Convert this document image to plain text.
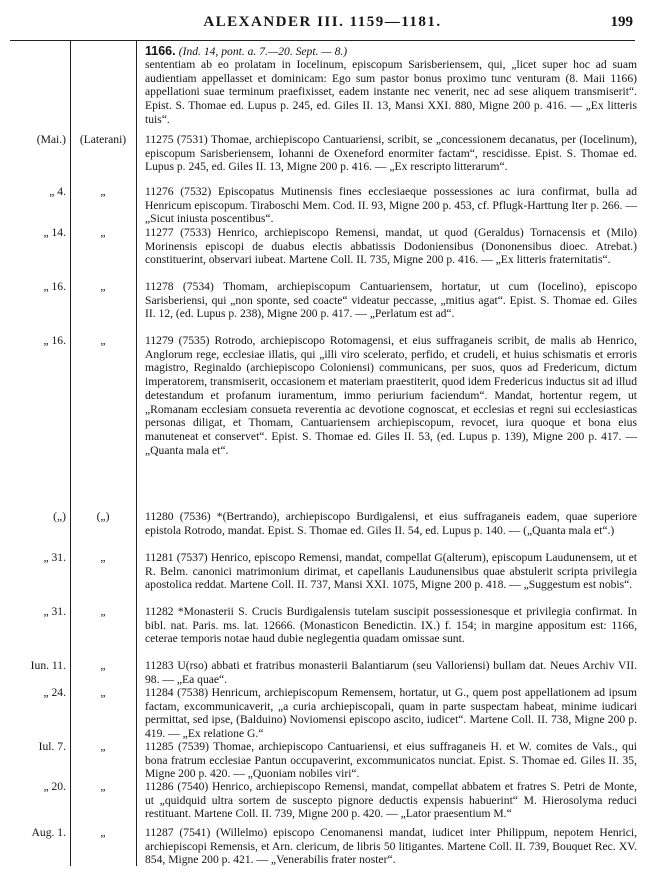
ALEXANDER III. 1159—1181.	199
1166. (Ind. 14, pont. a. 7.—20. Sept. — 8.)
sententiam ab eo prolatam in Iocelinum, episcopum Sarisberiensem, qui, „licet super hoc ad suam audientiam appellasset et dominicam: Ego sum pastor bonus proximo tunc venturam (8. Maii 1166) appellationi suae terminum praefixisset, eadem instante nec venerit, nec ad sese aliquem transmiserit“. Epist. S. Thomae ed. Lupus p. 245, ed. Giles II. 13, Mansi XXI. 880, Migne 200 p. 416. — „Ex litteris tuis“.
(Mai.)	(Laterani)	11275 (7531) Thomae, archiepiscopo Cantuariensi, scribit, se „concessionem decanatus, per (Iocelinum), episcopum Sarisberiensem, Iohanni de Oxeneford enormiter factam“, rescidisse. Epist. S. Thomae ed. Lupus p. 245, ed. Giles II. 13, Migne 200 p. 416. — „Ex rescripto litterarum“.
„ 4.	„	11276 (7532) Episcopatus Mutinensis fines ecclesiaeque possessiones ac iura confirmat, bulla ad Henricum episcopum. Tiraboschi Mem. Cod. II. 93, Migne 200 p. 453, cf. Pflugk-Harttung Iter p. 266. — „Sicut iniusta poscentibus“.
„ 14.	„	11277 (7533) Henrico, archiepiscopo Remensi, mandat, ut quod (Geraldus) Tornacensis et (Milo) Morinensis episcopi de duabus electis abbatissis Dodoniensibus (Dononensibus dioec. Atrebat.) constituerint, observari iubeat. Martene Coll. II. 735, Migne 200 p. 416. — „Ex litteris fraternitatis“.
„ 16.	„	11278 (7534) Thomam, archiepiscopum Cantuariensem, hortatur, ut cum (Iocelino), episcopo Sarisberiensi, qui „non sponte, sed coacte“ videatur peccasse, „mitius agat“. Epist. S. Thomae ed. Giles II. 12, (ed. Lupus p. 238), Migne 200 p. 417. — „Perlatum est ad“.
„ 16.	„	11279 (7535) Rotrodo, archiepiscopo Rotomagensi, et eius suffraganeis scribit, de malis ab Henrico, Anglorum rege, ecclesiae illatis, qui „illi viro scelerato, perfido, et crudeli, et huius schismatis et erroris magistro, Reginaldo (archiepiscopo Coloniensi) communicans, per suos, quos ad Fredericum, dictum imperatorem, transmiserit, occasionem et materiam praestiterit, quod idem Fredericus inductus sit ad illud detestandum et profanum iuramentum, immo periurium faciendum“. Mandat, hortentur regem, ut „Romanam ecclesiam consueta reverentia ac devotione cognoscat, et ecclesias et regni sui ecclesiasticas personas diligat, et Thomam, Cantuariensem archiepiscopum, revocet, iura quoque et bona eius manuteneat et conservet“. Epist. S. Thomae ed. Giles II. 53, (ed. Lupus p. 139), Migne 200 p. 417. — „Quanta mala et“.
(„)	(„)	11280 (7536) *(Bertrando), archiepiscopo Burdigalensi, et eius suffraganeis eadem, quae superiore epistola Rotrodo, mandat. Epist. S. Thomae ed. Giles II. 54, ed. Lupus p. 140. — („Quanta mala et“.)
„ 31.	„	11281 (7537) Henrico, episcopo Remensi, mandat, compellat G(alterum), episcopum Laudunensem, ut et R. Belm. canonici matrimonium dirimat, et capellanis Laudunensibus quae abstulerit scripta privilegia apostolica reddat. Martene Coll. II. 737, Mansi XXI. 1075, Migne 200 p. 418. — „Suggestum est nobis“.
„ 31.	„	11282 *Monasterii S. Crucis Burdigalensis tutelam suscipit possessionesque et privilegia confirmat. In bibl. nat. Paris. ms. lat. 12666. (Monasticon Benedictin. IX.) f. 154; in margine appositum est: 1166, ceterae temporis notae haud dubie neglegentia quadam omissae sunt.
Iun. 11.	„	11283 U(rso) abbati et fratribus monasterii Balantiarum (seu Valloriensi) bullam dat. Neues Archiv VII. 98. — „Ea quae“.
„ 24.	„	11284 (7538) Henricum, archiepiscopum Remensem, hortatur, ut G., quem post appellationem ad ipsum factam, excommunicaverit, „a curia archiepiscopali, quam in parte suspectam habeat, minime iudicari permittat, sed ipse, (Balduino) Noviomensi episcopo ascito, iudicet“. Martene Coll. II. 738, Migne 200 p. 419. — „Ex relatione G.“
Iul. 7.	„	11285 (7539) Thomae, archiepiscopo Cantuariensi, et eius suffraganeis H. et W. comites de Vals., qui bona fratrum ecclesiae Pantun occupaverint, excommunicatos nunciat. Epist. S. Thomae ed. Giles II. 35, Migne 200 p. 420. — „Quoniam nobiles viri“.
„ 20.	„	11286 (7540) Henrico, archiepiscopo Remensi, mandat, compellat abbatem et fratres S. Petri de Monte, ut „quidquid ultra sortem de suscepto pignore deductis expensis habuerint“ M. Hierosolyma reduci restituant. Martene Coll. II. 739, Migne 200 p. 420. — „Lator praesentium M.“
Aug. 1.	„	11287 (7541) (Willelmo) episcopo Cenomanensi mandat, iudicet inter Philippum, nepotem Henrici, archiepiscopi Remensis, et Arn. clericum, de libris 50 litigantes. Martene Coll. II. 739, Bouquet Rec. XV. 854, Migne 200 p. 421. — „Venerabilis frater noster“.
